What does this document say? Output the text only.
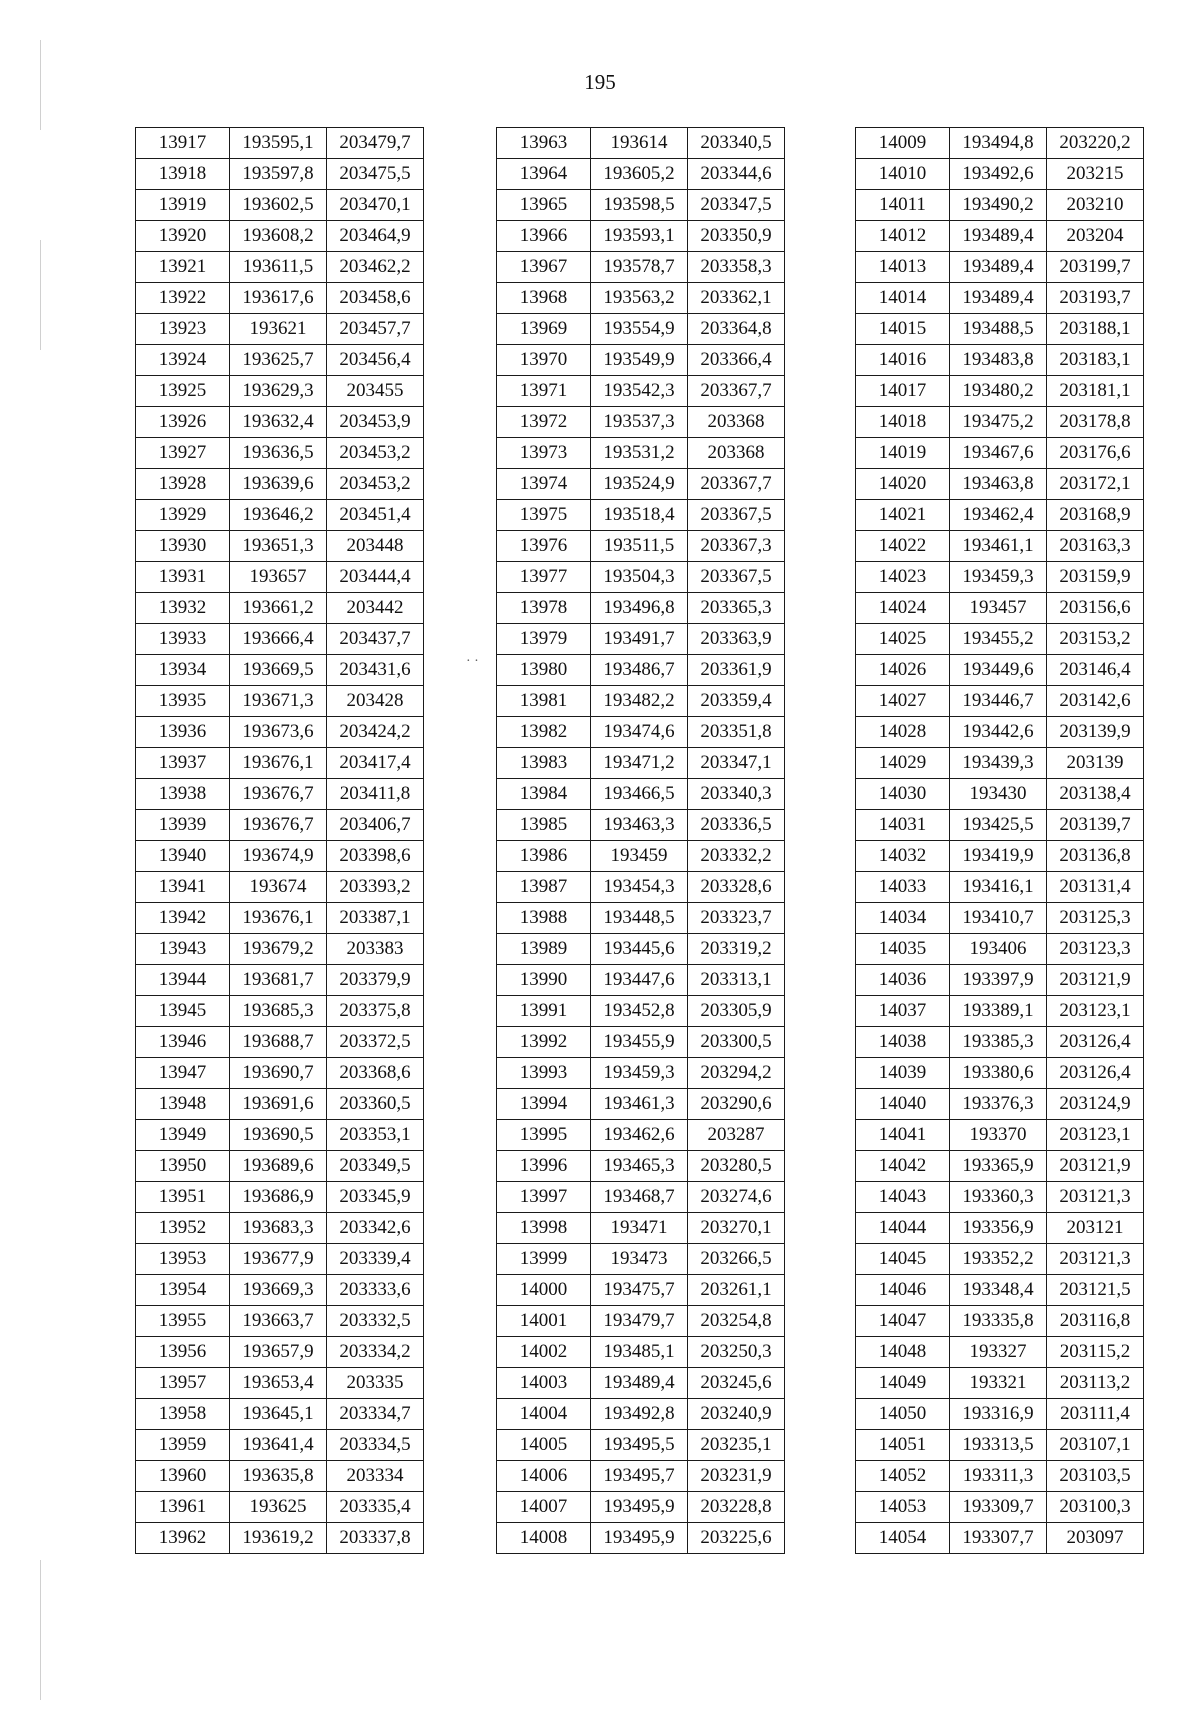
· ·
195
13917	193595,1	203479,7
13918	193597,8	203475,5
13919	193602,5	203470,1
13920	193608,2	203464,9
13921	193611,5	203462,2
13922	193617,6	203458,6
13923	193621	203457,7
13924	193625,7	203456,4
13925	193629,3	203455
13926	193632,4	203453,9
13927	193636,5	203453,2
13928	193639,6	203453,2
13929	193646,2	203451,4
13930	193651,3	203448
13931	193657	203444,4
13932	193661,2	203442
13933	193666,4	203437,7
13934	193669,5	203431,6
13935	193671,3	203428
13936	193673,6	203424,2
13937	193676,1	203417,4
13938	193676,7	203411,8
13939	193676,7	203406,7
13940	193674,9	203398,6
13941	193674	203393,2
13942	193676,1	203387,1
13943	193679,2	203383
13944	193681,7	203379,9
13945	193685,3	203375,8
13946	193688,7	203372,5
13947	193690,7	203368,6
13948	193691,6	203360,5
13949	193690,5	203353,1
13950	193689,6	203349,5
13951	193686,9	203345,9
13952	193683,3	203342,6
13953	193677,9	203339,4
13954	193669,3	203333,6
13955	193663,7	203332,5
13956	193657,9	203334,2
13957	193653,4	203335
13958	193645,1	203334,7
13959	193641,4	203334,5
13960	193635,8	203334
13961	193625	203335,4
13962	193619,2	203337,8
13963	193614	203340,5
13964	193605,2	203344,6
13965	193598,5	203347,5
13966	193593,1	203350,9
13967	193578,7	203358,3
13968	193563,2	203362,1
13969	193554,9	203364,8
13970	193549,9	203366,4
13971	193542,3	203367,7
13972	193537,3	203368
13973	193531,2	203368
13974	193524,9	203367,7
13975	193518,4	203367,5
13976	193511,5	203367,3
13977	193504,3	203367,5
13978	193496,8	203365,3
13979	193491,7	203363,9
13980	193486,7	203361,9
13981	193482,2	203359,4
13982	193474,6	203351,8
13983	193471,2	203347,1
13984	193466,5	203340,3
13985	193463,3	203336,5
13986	193459	203332,2
13987	193454,3	203328,6
13988	193448,5	203323,7
13989	193445,6	203319,2
13990	193447,6	203313,1
13991	193452,8	203305,9
13992	193455,9	203300,5
13993	193459,3	203294,2
13994	193461,3	203290,6
13995	193462,6	203287
13996	193465,3	203280,5
13997	193468,7	203274,6
13998	193471	203270,1
13999	193473	203266,5
14000	193475,7	203261,1
14001	193479,7	203254,8
14002	193485,1	203250,3
14003	193489,4	203245,6
14004	193492,8	203240,9
14005	193495,5	203235,1
14006	193495,7	203231,9
14007	193495,9	203228,8
14008	193495,9	203225,6
14009	193494,8	203220,2
14010	193492,6	203215
14011	193490,2	203210
14012	193489,4	203204
14013	193489,4	203199,7
14014	193489,4	203193,7
14015	193488,5	203188,1
14016	193483,8	203183,1
14017	193480,2	203181,1
14018	193475,2	203178,8
14019	193467,6	203176,6
14020	193463,8	203172,1
14021	193462,4	203168,9
14022	193461,1	203163,3
14023	193459,3	203159,9
14024	193457	203156,6
14025	193455,2	203153,2
14026	193449,6	203146,4
14027	193446,7	203142,6
14028	193442,6	203139,9
14029	193439,3	203139
14030	193430	203138,4
14031	193425,5	203139,7
14032	193419,9	203136,8
14033	193416,1	203131,4
14034	193410,7	203125,3
14035	193406	203123,3
14036	193397,9	203121,9
14037	193389,1	203123,1
14038	193385,3	203126,4
14039	193380,6	203126,4
14040	193376,3	203124,9
14041	193370	203123,1
14042	193365,9	203121,9
14043	193360,3	203121,3
14044	193356,9	203121
14045	193352,2	203121,3
14046	193348,4	203121,5
14047	193335,8	203116,8
14048	193327	203115,2
14049	193321	203113,2
14050	193316,9	203111,4
14051	193313,5	203107,1
14052	193311,3	203103,5
14053	193309,7	203100,3
14054	193307,7	203097
